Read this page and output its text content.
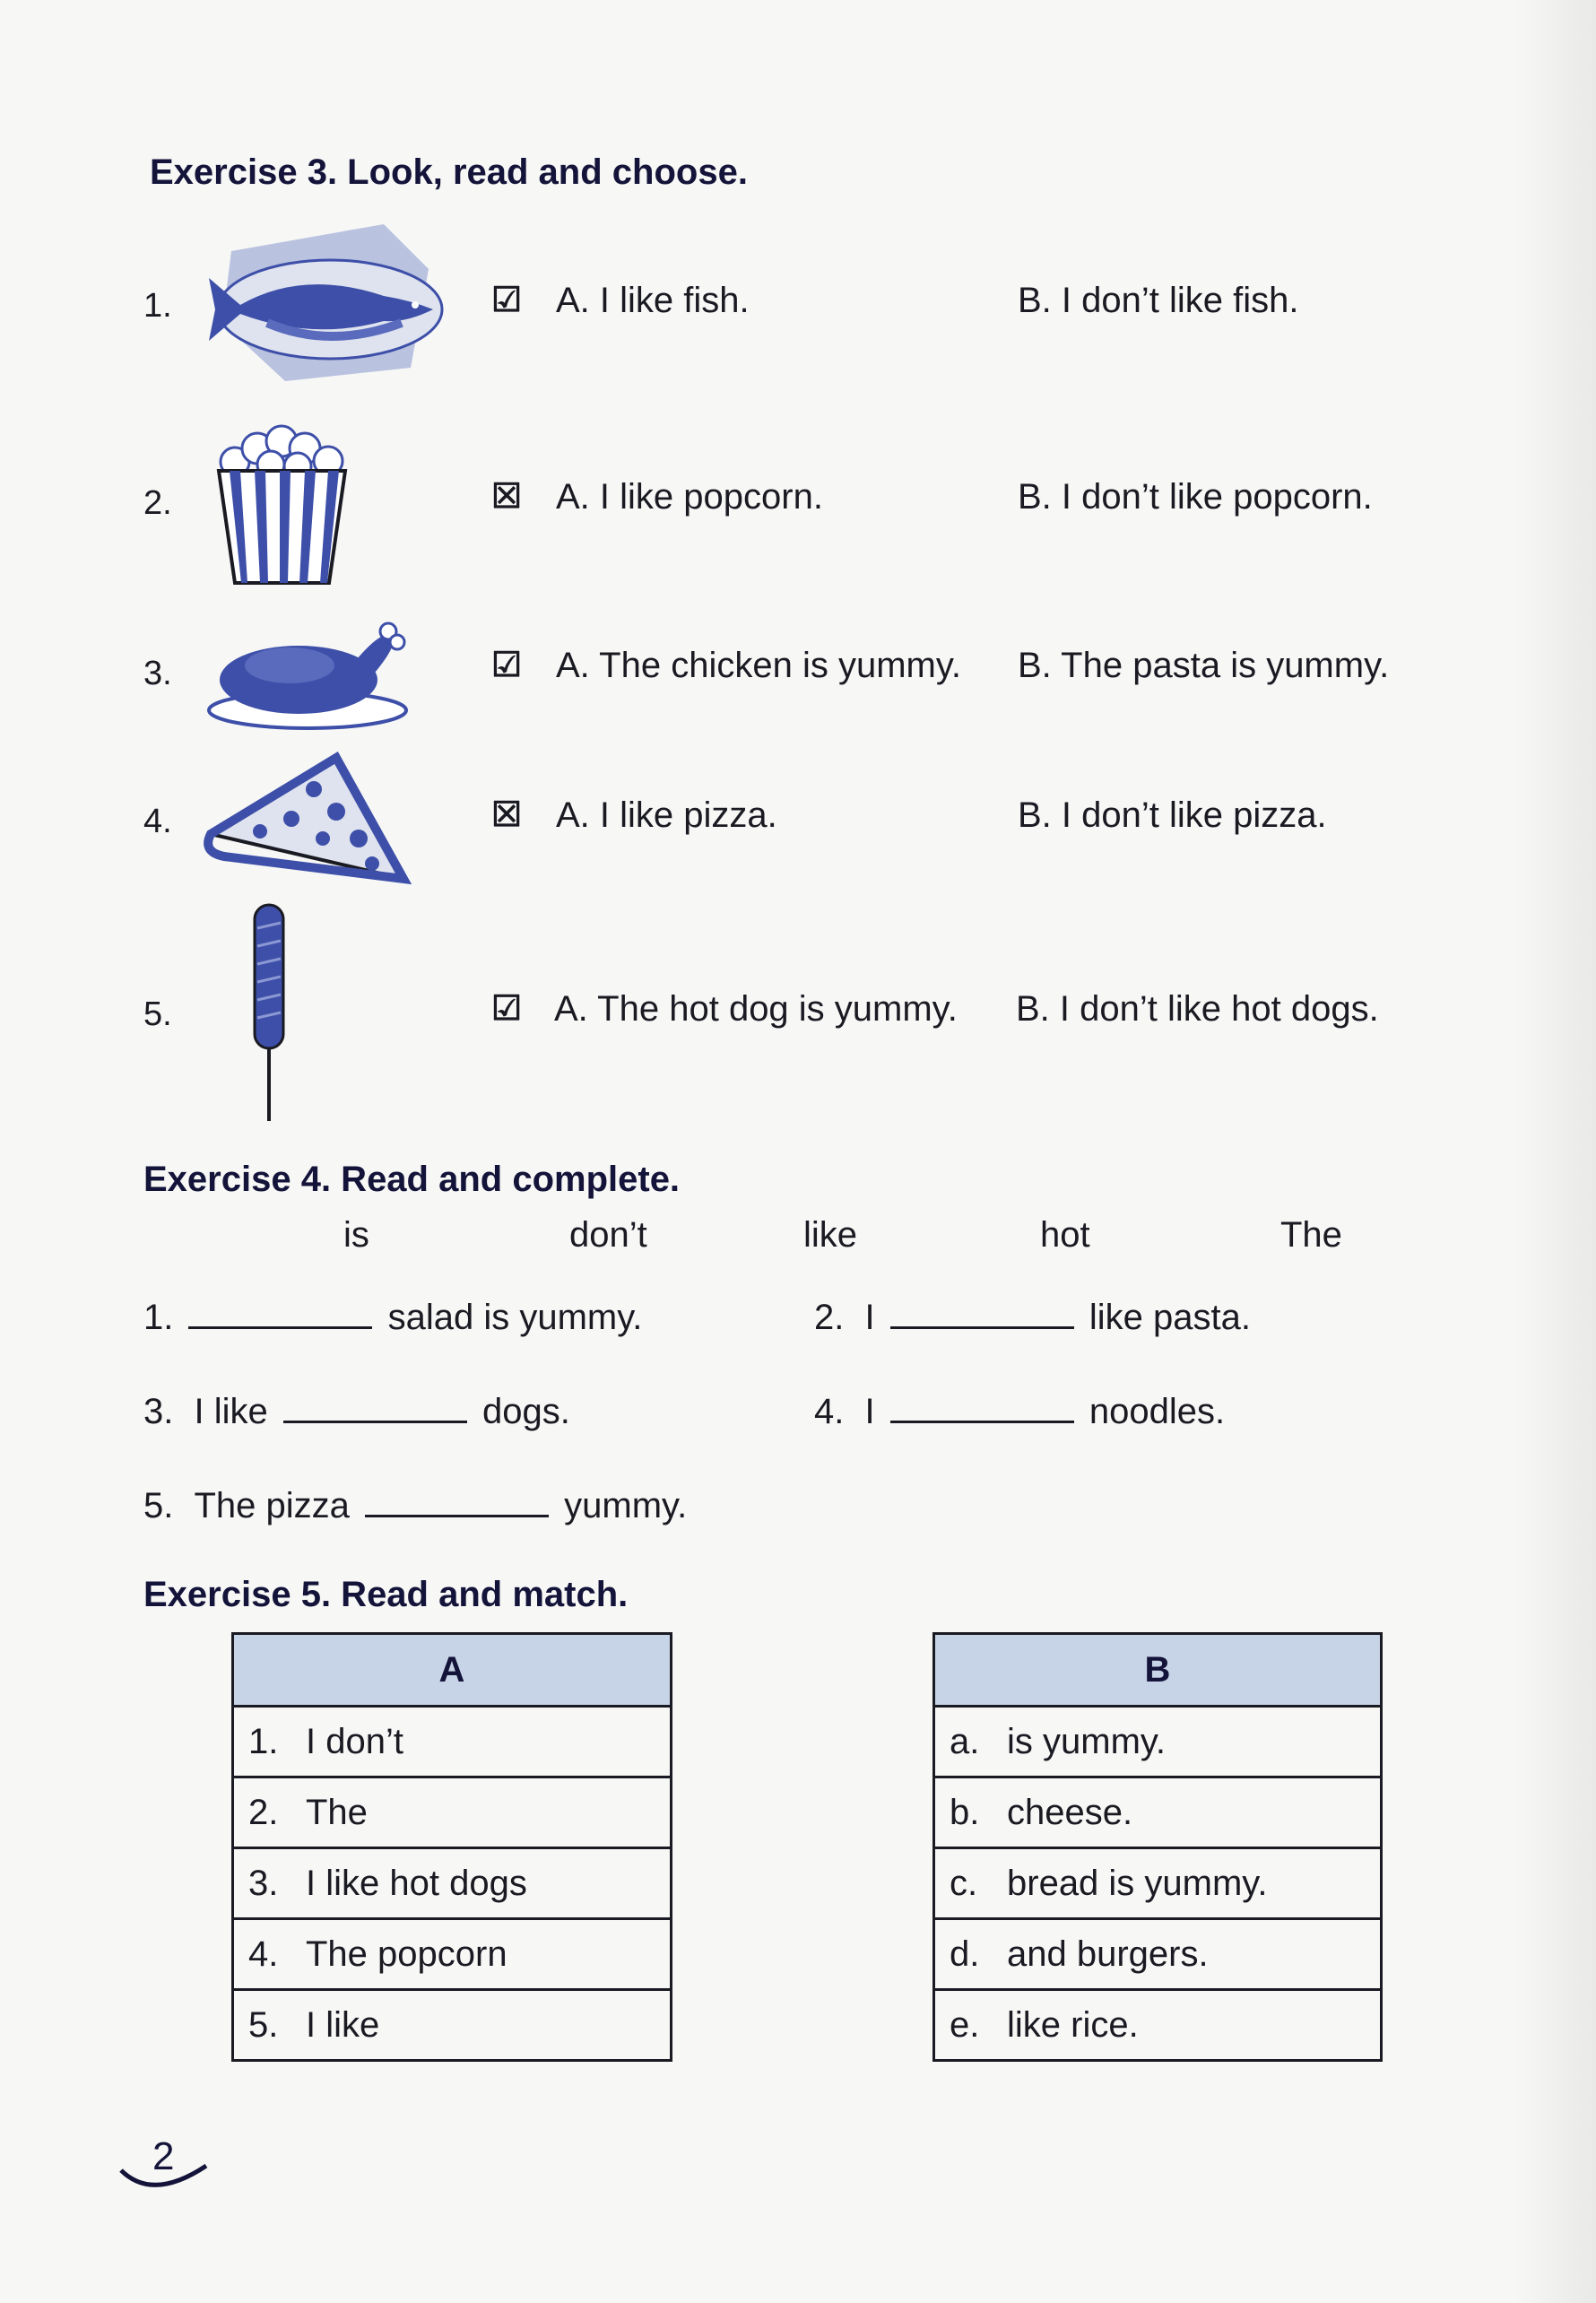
Exercise 3. Look, read and choose.
1.	☑ A. I like fish.	B. I don’t like fish.
2.	☒ A. I like popcorn.	B. I don’t like popcorn.
3.	☑ A. The chicken is yummy. B. The pasta is yummy.
4.	☒ A. I like pizza.	B. I don’t like pizza.
5.	☑ A. The hot dog is yummy. B. I don’t like hot dogs.
Exercise 4. Read and complete.
is	don’t	like	hot	The
1.	salad is yummy.	2. I	like pasta.
3. I like	dogs.	4. I	noodles.
5. The pizza	yummy.
Exercise 5. Read and match.
A
1. I don’t
2. The
3. I like hot dogs
4. The popcorn
5. I like
B
a. is yummy.
b. cheese.
c. bread is yummy.
d. and burgers.
e. like rice.
2
